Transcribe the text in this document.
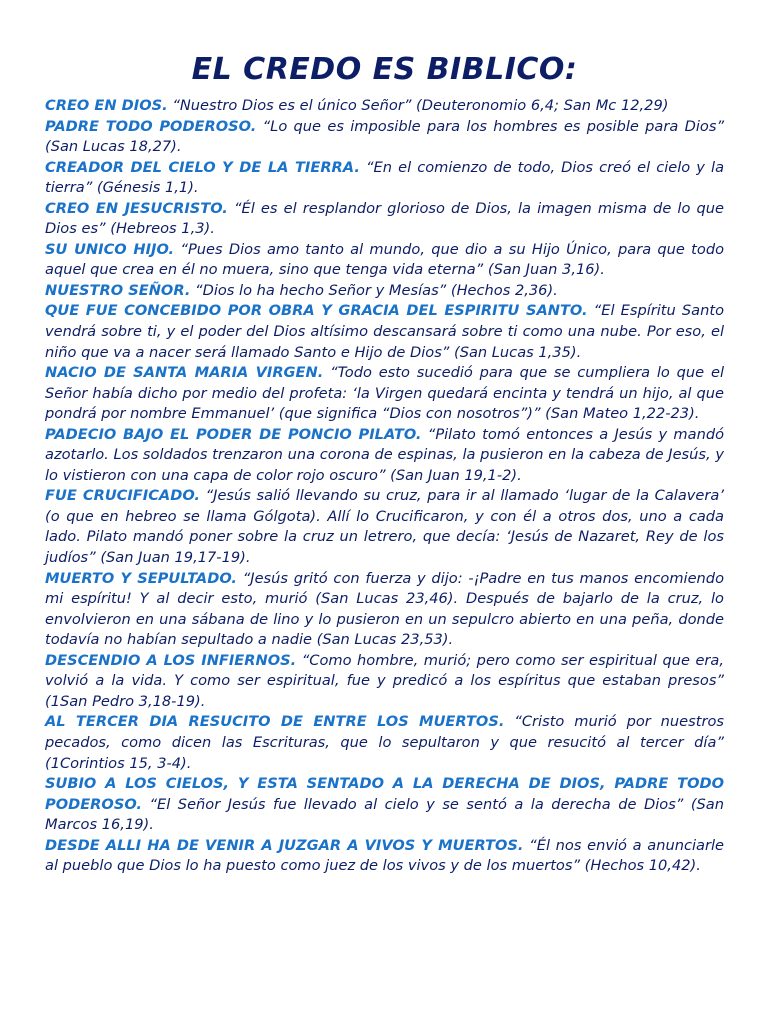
EL CREDO ES BIBLICO:

CREO EN DIOS. “Nuestro Dios es el único Señor” (Deuteronomio 6,4; San Mc 12,29)

PADRE TODO PODEROSO. “Lo que es imposible para los hombres es posible para Dios” (San Lucas 18,27).

CREADOR DEL CIELO Y DE LA TIERRA. “En el comienzo de todo, Dios creó el cielo y la tierra” (Génesis 1,1).

CREO EN JESUCRISTO. “Él es el resplandor glorioso de Dios, la imagen misma de lo que Dios es” (Hebreos 1,3).

SU UNICO HIJO. “Pues Dios amo tanto al mundo, que dio a su Hijo Único, para que todo aquel que crea en él no muera, sino que tenga vida eterna” (San Juan 3,16).

NUESTRO SEÑOR. “Dios lo ha hecho Señor y Mesías” (Hechos 2,36).

QUE FUE CONCEBIDO POR OBRA Y GRACIA DEL ESPIRITU SANTO. “El Espíritu Santo vendrá sobre ti, y el poder del Dios altísimo descansará sobre ti como una nube. Por eso, el niño que va a nacer será llamado Santo e Hijo de Dios” (San Lucas 1,35).

NACIO DE SANTA MARIA VIRGEN. “Todo esto sucedió para que se cumpliera lo que el Señor había dicho por medio del profeta: ‘la Virgen quedará encinta y tendrá un hijo, al que pondrá por nombre Emmanuel’ (que significa “Dios con nosotros”)” (San Mateo 1,22-23).

PADECIO BAJO EL PODER DE PONCIO PILATO. “Pilato tomó entonces a Jesús y mandó azotarlo. Los soldados trenzaron una corona de espinas, la pusieron en la cabeza de Jesús, y lo vistieron con una capa de color rojo oscuro” (San Juan 19,1-2).

FUE CRUCIFICADO. “Jesús salió llevando su cruz, para ir al llamado ‘lugar de la Calavera’ (o que en hebreo se llama Gólgota). Allí lo Crucificaron, y con él a otros dos, uno a cada lado. Pilato mandó poner sobre la cruz un letrero, que decía: ‘Jesús de Nazaret, Rey de los judíos” (San Juan 19,17-19).

MUERTO Y SEPULTADO. “Jesús gritó con fuerza y dijo: -¡Padre en tus manos encomiendo mi espíritu! Y al decir esto, murió (San Lucas 23,46). Después de bajarlo de la cruz, lo envolvieron en una sábana de lino y lo pusieron en un sepulcro abierto en una peña, donde todavía no habían sepultado a nadie (San Lucas 23,53).

DESCENDIO A LOS INFIERNOS. “Como hombre, murió; pero como ser espiritual que era, volvió a la vida. Y como ser espiritual, fue y predicó a los espíritus que estaban presos” (1San Pedro 3,18-19).

AL TERCER DIA RESUCITO DE ENTRE LOS MUERTOS. “Cristo murió por nuestros pecados, como dicen las Escrituras, que lo sepultaron y que resucitó al tercer día” (1Corintios 15, 3-4).

SUBIO A LOS CIELOS, Y ESTA SENTADO A LA DERECHA DE DIOS, PADRE TODO PODEROSO. “El Señor Jesús fue llevado al cielo y se sentó a la derecha de Dios” (San Marcos 16,19).

DESDE ALLI HA DE VENIR A JUZGAR A VIVOS Y MUERTOS. “Él nos envió a anunciarle al pueblo que Dios lo ha puesto como juez de los vivos y de los muertos” (Hechos 10,42).
